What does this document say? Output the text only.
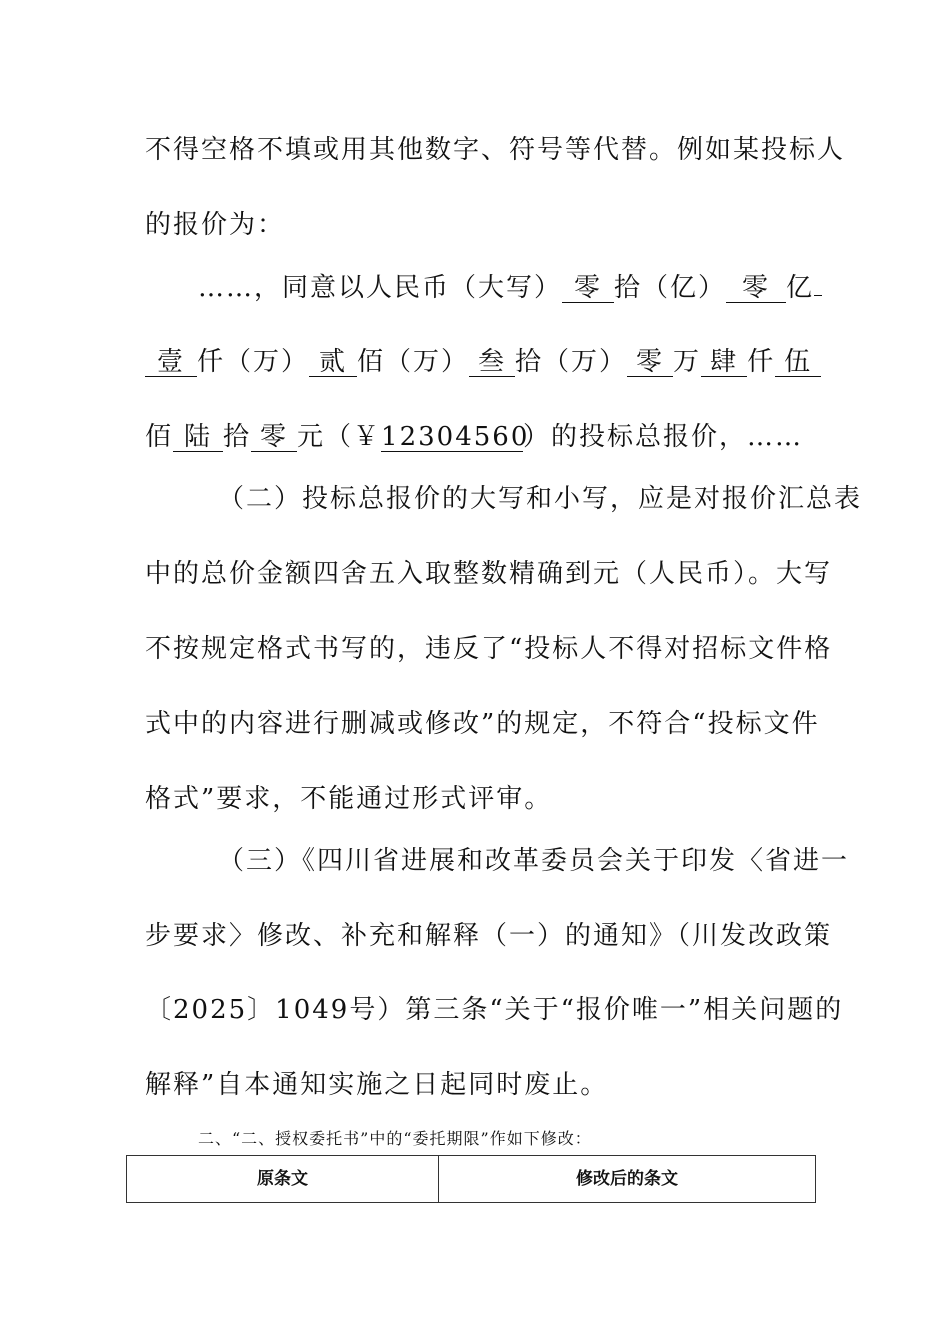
不得空格不填或用其他数字、符号等代替。例如某投标人
的报价为：
……，同意以人民币（大写） 零 拾（亿） 零 亿
壹 仟（万） 贰 佰（万） 叁 拾（万） 零 万 肆 仟 伍
佰 陆 拾 零 元（￥12304560）的投标总报价，……
（二）投标总报价的大写和小写，应是对报价汇总表
中的总价金额四舍五入取整数精确到元（人民币）。大写
不按规定格式书写的，违反了“投标人不得对招标文件格
式中的内容进行删减或修改”的规定，不符合“投标文件
格式”要求，不能通过形式评审。
（三）《四川省进展和改革委员会关于印发〈省进一
步要求〉修改、补充和解释（一）的通知》（川发改政策
〔2025〕1049号）第三条“关于“报价唯一”相关问题的
解释”自本通知实施之日起同时废止。
二、“二、授权委托书”中的“委托期限”作如下修改：
原条文	修改后的条文
